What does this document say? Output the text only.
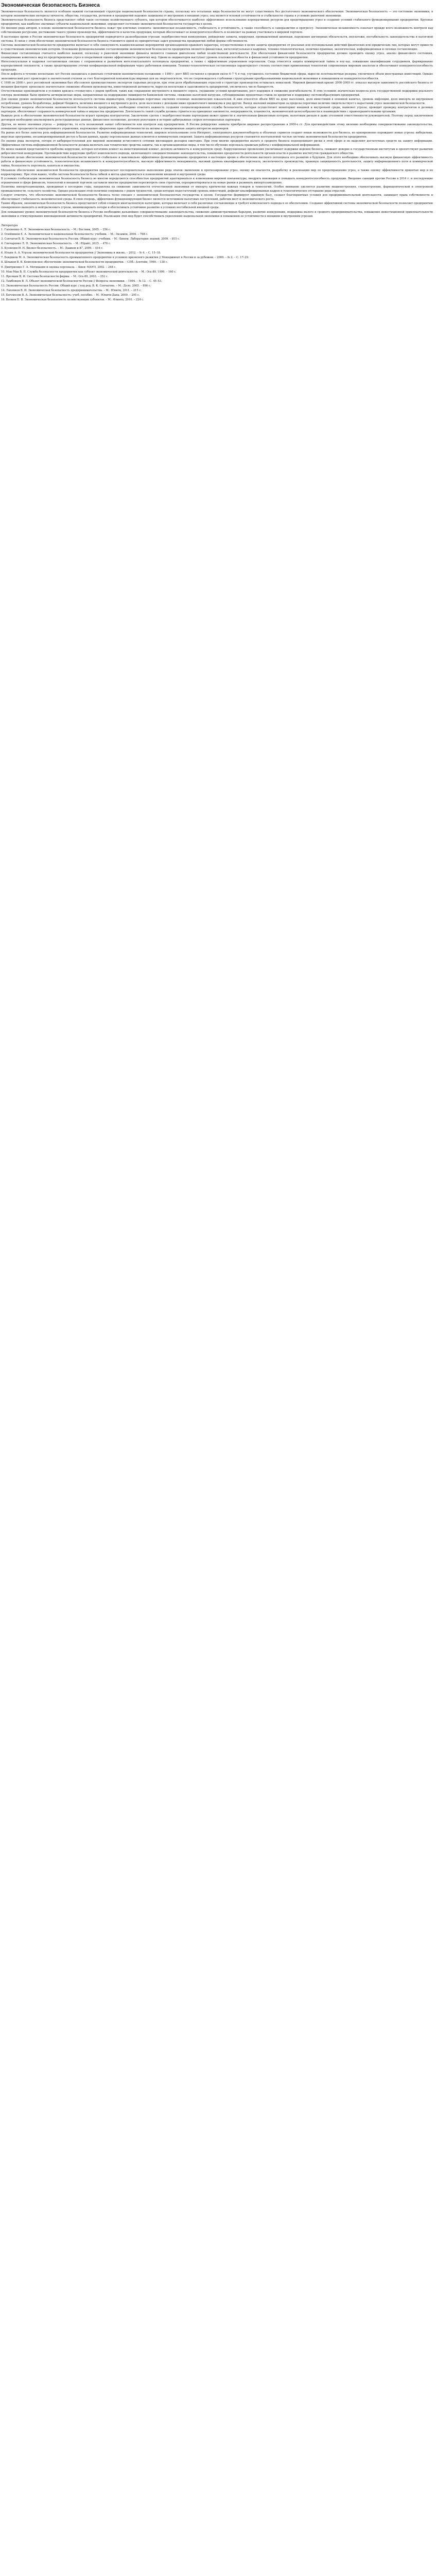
Экономическая безопасность Бизнеса

Экономическая безопасность является особенно важной составляющей структуры национальной безопасности страны, поскольку все остальные виды безопасности не могут существовать без достаточного экономического обеспечения. Экономическая безопасность — это состояние экономики, в котором экономические интересы личности, общества, государства, регионов и предприятий надежно защищены от внутренних и внешних угроз; она является основой устойчивости и стабильности страны в условиях рыночной экономики.

Экономическая безопасность бизнеса представляет собой такое состояние хозяйствующего субъекта, при котором обеспечивается наиболее эффективное использование корпоративных ресурсов для предотвращения угроз и создания условий стабильного функционирования предприятия. Крупные предприятия, как наиболее значимые субъекты национальной экономики, определяют состояние экономической безопасности государства в целом.

По мнению ряда авторов, в основе экономической безопасности бизнеса лежат три ключевых элемента: экономическая независимость, стабильность и устойчивость, а также способность к саморазвитию и прогрессу. Экономическая независимость означает прежде всего возможность контроля над собственными ресурсами, достижение такого уровня производства, эффективности и качества продукции, который обеспечивает ее конкурентоспособность и позволяет на равных участвовать в мировой торговле.

В настоящее время в России экономическая безопасность предприятий подвергается разнообразным угрозам: недобросовестная конкуренция, рейдерские захваты, коррупция, промышленный шпионаж, нарушение договорных обязательств, неплатежи, нестабильность законодательства и налоговой системы. В связи с этим обеспечение экономической безопасности бизнеса становится одной из приоритетных задач руководства предприятий любой формы собственности.

Система экономической безопасности предприятия включает в себя совокупность взаимосвязанных мероприятий организационно-правового характера, осуществляемых в целях защиты предприятия от реальных или потенциальных действий физических или юридических лиц, которые могут привести к существенным экономическим потерям. Основными функциональными составляющими экономической безопасности предприятия являются финансовая, интеллектуальная и кадровая, технико-технологическая, политико-правовая, экологическая, информационная и силовая составляющие.

Финансовая составляющая считается наиболее важной, поскольку в рыночной экономике финансы являются главным двигателем любой хозяйственной деятельности. Для обеспечения финансовой безопасности предприятие должно проводить оценку угроз, анализ финансового состояния, планирование комплекса мер по предотвращению угроз и оперативной оценке эффективности принятых мер. Одним из индикаторов выступает уровень платежеспособности и финансовой устойчивости предприятия.

Интеллектуальная и кадровая составляющая связана с сохранением и развитием интеллектуального потенциала предприятия, а также с эффективным управлением персоналом. Сюда относятся защита коммерческой тайны и ноу-хау, повышение квалификации сотрудников, формирование корпоративной лояльности, а также предотвращение утечки конфиденциальной информации через работников компании. Технико-технологическая составляющая характеризует степень соответствия применяемых технологий современным мировым аналогам и обеспечивает конкурентоспособность продукции.

После дефолта в течение нескольких лет Россия находилась в довольно устойчивом экономическом положении: с 1999 г. рост ВВП составлял в среднем около 6–7 % в год, улучшилось состояние бюджетной сферы, выросли золотовалютные резервы, увеличился объем иностранных инвестиций. Однако экономический рост происходил в значительной степени за счет благоприятной конъюнктуры мировых цен на энергоносители, что не сопровождалось глубокими структурными преобразованиями национальной экономики и повышением ее конкурентоспособности.

С 1998 по 2008 г. рост российской экономики был обусловлен преимущественно экспортом сырьевых ресурсов, при этом доля обрабатывающих отраслей в структуре производства оставалась невысокой. Мировой финансовый кризис 2008–2009 гг. показал высокую зависимость российского бизнеса от внешних факторов: произошло значительное снижение объемов производства, инвестиционной активности, выросли неплатежи и задолженность предприятий, увеличилось число банкротств.

Отечественные производители в условиях кризиса столкнулись с рядом проблем, таких как сокращение внутреннего и внешнего спроса, ухудшение условий кредитования, рост издержек и снижение рентабельности. В этих условиях значительно возросла роль государственной поддержки реального сектора экономики: были приняты антикризисные меры, направленные на поддержание ликвидности банковской системы, снижение налоговой нагрузки, субсидирование процентных ставок по кредитам и поддержку системообразующих предприятий.

Для оценки уровня экономической безопасности используется система индикаторов, отражающих пороговые значения основных экономических показателей. К ним относятся объем ВВП на душу населения, доля инвестиций в основной капитал, уровень инфляции, доля импорта во внутреннем потреблении, уровень безработицы, дефицит бюджета, величина внешнего и внутреннего долга, доля населения с доходами ниже прожиточного минимума и ряд других. Выход значений индикаторов за пределы пороговых величин свидетельствует о нарастании угроз экономической безопасности.

Рассматривая вопросы обеспечения экономической безопасности предприятия, необходимо отметить важность создания специализированной службы безопасности, которая осуществляет мониторинг внешней и внутренней среды, выявляет угрозы, проводит проверку контрагентов и деловых партнеров, обеспечивает сохранность коммерческой тайны и имущества предприятия. Деятельность такой службы должна строиться на принципах законности, непрерывности, плановости, экономической целесообразности и взаимодействия с правоохранительными органами.

Важную роль в обеспечении экономической безопасности играет проверка контрагентов. Заключение сделок с недобросовестными партнерами может привести к значительным финансовым потерям, налоговым рискам и даже уголовной ответственности руководителей. Поэтому перед заключением договоров необходимо анализировать регистрационные данные, финансовое положение, деловую репутацию и историю арбитражных споров потенциальных партнеров.

Другая, не менее значимая угроза — рейдерство, то есть незаконный захват собственности или контроля над предприятием. В России рейдерские захваты приобрели широкое распространение в 2000-х гг. Для противодействия этому явлению необходимы совершенствование законодательства, повышение прозрачности корпоративного управления, надлежащее оформление прав собственности на активы и своевременная защита интересов акционеров.

На рынке все более заметна роль информационной безопасности. Развитие информационных технологий, широкое использование сети Интернет, электронного документооборота и облачных сервисов создают новые возможности для бизнеса, но одновременно порождают новые угрозы: кибератаки, вирусные программы, несанкционированный доступ к базам данных, кражу персональных данных клиентов и коммерческих сведений. Защита информационных ресурсов становится неотъемлемой частью системы экономической безопасности предприятия.

По оценке ряда экспертов, потери от киберпреступлений для мировой экономики исчисляются сотнями миллиардов долларов ежегодно. При этом многие предприятия малого и среднего бизнеса недооценивают риски в этой сфере и не выделяют достаточных средств на защиту информации. Эффективная система информационной безопасности должна включать как технические средства защиты, так и организационные меры, в том числе обучение персонала правилам работы с конфиденциальной информацией.

Не менее важной представляется проблема коррупции, которая негативно влияет на инвестиционный климат, деловую активность и конкурентную среду. Коррупционные проявления увеличивают издержки ведения бизнеса, снижают доверие к государственным институтам и препятствуют развитию добросовестной конкуренции. Противодействие коррупции требует комплексного подхода, включающего совершенствование законодательства, повышение прозрачности деятельности органов власти и развитие институтов гражданского общества.

Основной целью обеспечения экономической безопасности является стабильное и максимально эффективное функционирование предприятия в настоящее время и обеспечение высокого потенциала его развития в будущем. Для этого необходимо обеспечивать высокую финансовую эффективность работы и финансовую устойчивость, технологическую независимость и конкурентоспособность, высокую эффективность менеджмента, высокий уровень квалификации персонала, экологичность производства, правовую защищенность деятельности, защиту информационного поля и коммерческой тайны, безопасность персонала, капитала и имущества.

Механизм обеспечения экономической безопасности предприятия предполагает последовательное выполнение ряда этапов: выявление и прогнозирование угроз, оценку их опасности, разработку и реализацию мер по предотвращению угроз, а также оценку эффективности принятых мер и их корректировку. При этом важно, чтобы система безопасности была гибкой и могла адаптироваться к изменениям внешней и внутренней среды.

В условиях глобализации экономическая безопасность бизнеса во многом определяется способностью предприятий адаптироваться к изменениям мировой конъюнктуры, внедрять инновации и повышать конкурентоспособность продукции. Введение санкций против России в 2014 г. и последующие ограничения в сфере финансов, технологий и внешней торговли заставили многие предприятия пересмотреть свои стратегии, переориентироваться на новые рынки и развивать импортозамещение.

Политика импортозамещения, проводимая в последние годы, направлена на снижение зависимости отечественной экономики от импорта критически важных товаров и технологий. Особое внимание уделяется развитию машиностроения, станкостроения, фармацевтической и электронной промышленности, сельского хозяйства. Однако реализация этой политики сопряжена с рядом трудностей, среди которых недостаточный уровень инвестиций, дефицит квалифицированных кадров и технологическое отставание ряда отраслей.

Следует отметить, что обеспечение экономической безопасности бизнеса тесно связано с экономической безопасностью государства в целом. Государство формирует правовую базу, создает благоприятные условия для предпринимательской деятельности, защищает права собственности и обеспечивает стабильность экономической среды. В свою очередь, эффективно функционирующий бизнес является источником налоговых поступлений, рабочих мест и экономического роста.

Таким образом, экономическая безопасность бизнеса представляет собой сложную многоаспектную категорию, которая включает в себя различные составляющие и требует комплексного подхода к ее обеспечению. Создание эффективной системы экономической безопасности позволяет предприятию своевременно выявлять и нейтрализовать угрозы, минимизировать потери и обеспечивать устойчивое развитие в условиях нестабильной внешней среды.

Для повышения уровня экономической безопасности бизнеса в России необходимо дальнейшее совершенствование законодательства, снижение административных барьеров, развитие конкуренции, поддержка малого и среднего предпринимательства, повышение инвестиционной привлекательности экономики и стимулирование инновационной активности предприятий. Реализация этих мер будет способствовать укреплению национальной экономики и повышению ее устойчивости к внешним и внутренним угрозам.

Литература

1. Гапоненко А. Л. Экономическая безопасность. – М.: Вестник, 2005. – 256 с.

2. Олейников Е. А. Экономическая и национальная безопасность: учебник. – М.: Экзамен, 2004. – 768 с.

3. Сенчагов В. К. Экономическая безопасность России. Общий курс: учебник. – М.: Бином. Лаборатория знаний, 2009. – 815 с.

4. Гончаренко Л. П. Экономическая безопасность. – М.: Юрайт, 2015. – 478 с.

5. Кузнецов И. Н. Бизнес-безопасность. – М.: Дашков и К°, 2009. – 416 с.

6. Ильин А. А. Угрозы экономической безопасности предприятия // Экономика и жизнь. – 2012. – № 4. – С. 15–18.

7. Бендиков М. А. Экономическая безопасность промышленного предприятия в условиях кризисного развития // Менеджмент в России и за рубежом. – 2000. – № 2. – С. 17–29.

8. Шлыков В. В. Комплексное обеспечение экономической безопасности предприятия. – СПб.: Алетейя, 1999. – 138 с.

9. Дмитриенко Г. А. Мотивация и оценка персонала. – Киев: МАУП, 2002. – 248 с.

10. Мак-Мак В. П. Служба безопасности предприятия как субъект экономической деятельности. – М.: Ось-89, 1999. – 160 с.

11. Ярочкин В. И. Система безопасности фирмы. – М.: Ось-89, 2003. – 352 с.

12. Тамбовцев В. Л. Объект экономической безопасности России // Вопросы экономики. – 1994. – № 12. – С. 45–53.

13. Экономическая безопасность России: Общий курс / под ред. В. К. Сенчагова. – М.: Дело, 2005. – 896 с.

14. Лапенков В. И. Экономическая безопасность предпринимательства. – М.: Юнити, 2011. – 215 с.

15. Богомолов В. А. Экономическая безопасность: учеб. пособие. – М.: Юнити-Дана, 2009. – 295 с.

16. Волков Н. В. Экономическая безопасность хозяйствующих субъектов. – М.: Флинта, 2010. – 224 с.
